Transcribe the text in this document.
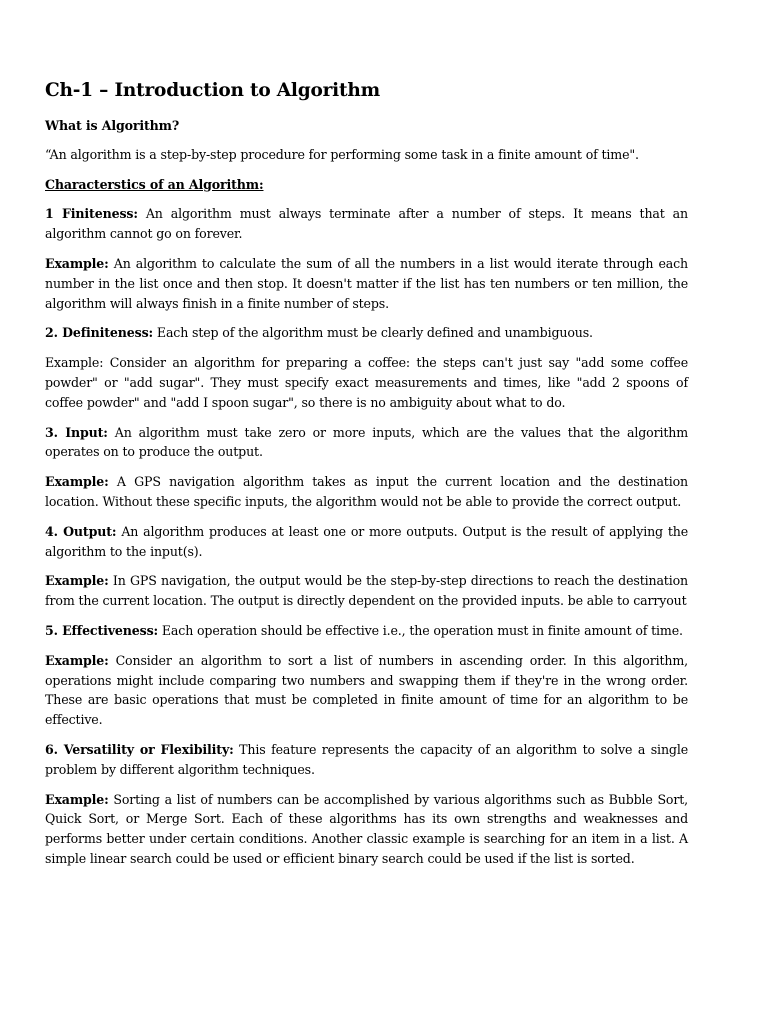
Ch-1 – Introduction to Algorithm
What is Algorithm?
“An algorithm is a step-by-step procedure for performing some task in a finite amount of time".
Characterstics of an Algorithm:
1 Finiteness: An algorithm must always terminate after a number of steps. It means that an algorithm cannot go on forever.
Example: An algorithm to calculate the sum of all the numbers in a list would iterate through each number in the list once and then stop. It doesn't matter if the list has ten numbers or ten million, the algorithm will always finish in a finite number of steps.
2. Definiteness: Each step of the algorithm must be clearly defined and unambiguous.
Example: Consider an algorithm for preparing a coffee: the steps can't just say "add some coffee powder" or "add sugar". They must specify exact measurements and times, like "add 2 spoons of coffee powder" and "add I spoon sugar", so there is no ambiguity about what to do.
3. Input: An algorithm must take zero or more inputs, which are the values that the algorithm operates on to produce the output.
Example: A GPS navigation algorithm takes as input the current location and the destination location. Without these specific inputs, the algorithm would not be able to provide the correct output.
4. Output: An algorithm produces at least one or more outputs. Output is the result of applying the algorithm to the input(s).
Example: In GPS navigation, the output would be the step-by-step directions to reach the destination from the current location. The output is directly dependent on the provided inputs. be able to carryout
5. Effectiveness: Each operation should be effective i.e., the operation must in finite amount of time.
Example: Consider an algorithm to sort a list of numbers in ascending order. In this algorithm, operations might include comparing two numbers and swapping them if they're in the wrong order. These are basic operations that must be completed in finite amount of time for an algorithm to be effective.
6. Versatility or Flexibility: This feature represents the capacity of an algorithm to solve a single problem by different algorithm techniques.
Example: Sorting a list of numbers can be accomplished by various algorithms such as Bubble Sort, Quick Sort, or Merge Sort. Each of these algorithms has its own strengths and weaknesses and performs better under certain conditions. Another classic example is searching for an item in a list. A simple linear search could be used or efficient binary search could be used if the list is sorted.
